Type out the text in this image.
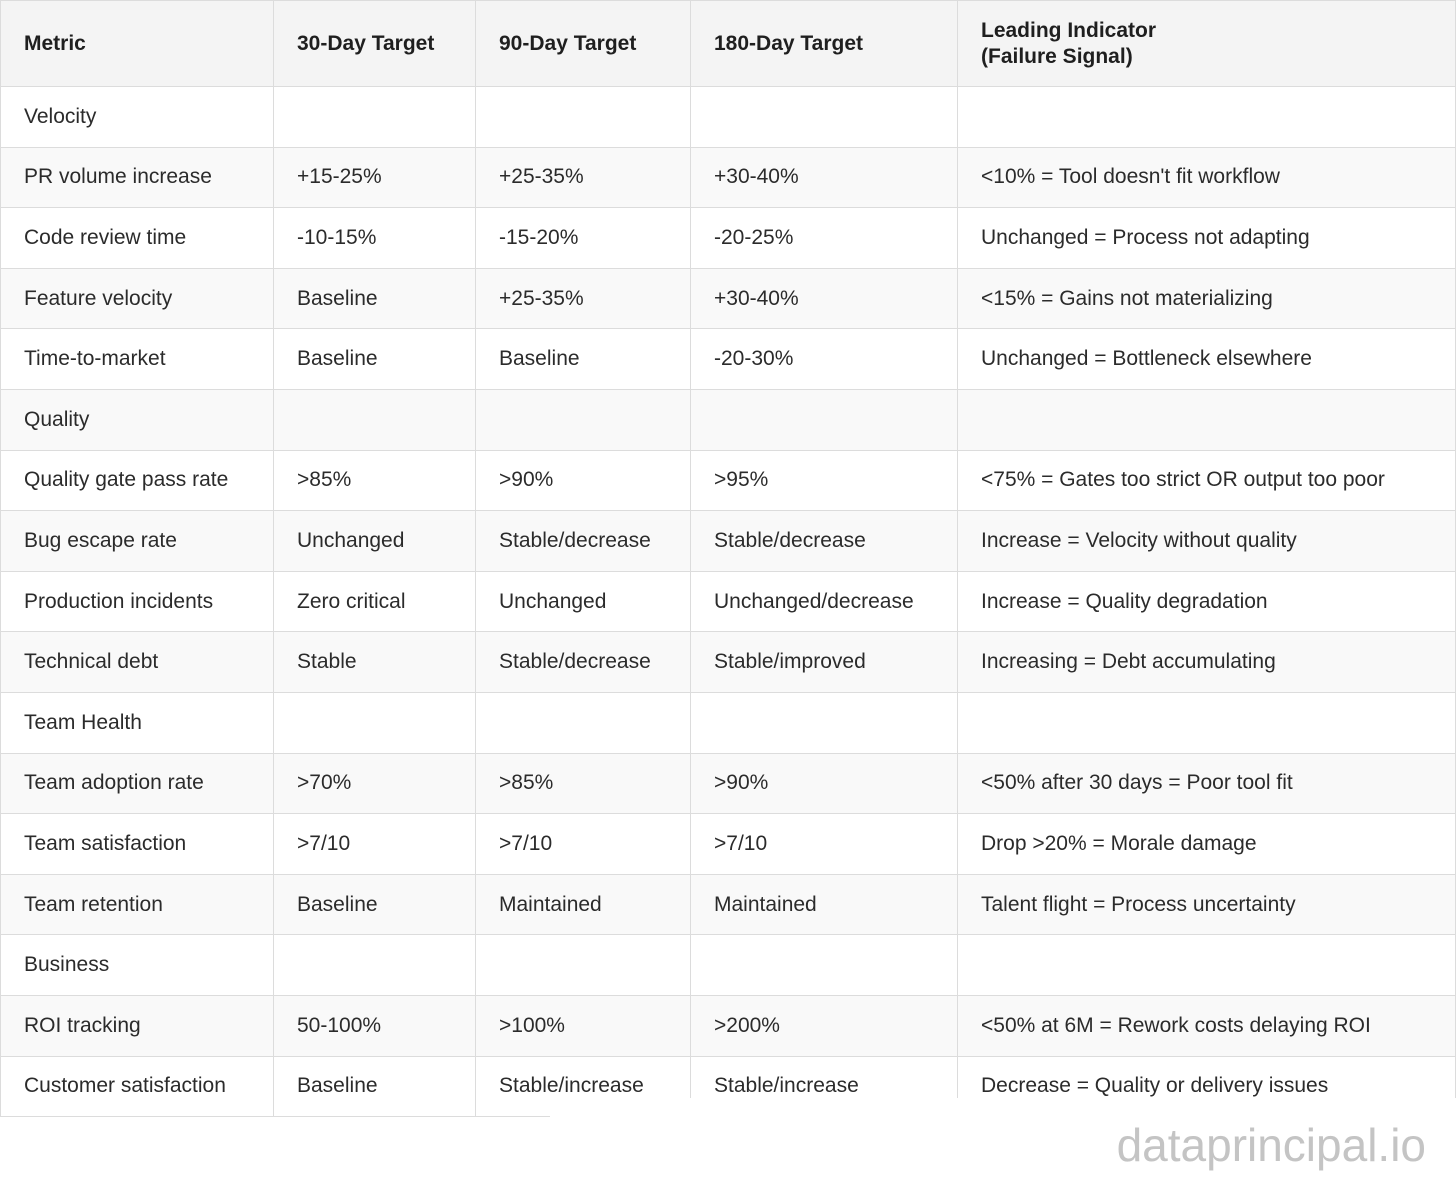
Metric	30-Day Target	90-Day Target	180-Day Target	Leading Indicator
(Failure Signal)

Velocity				
PR volume increase	+15-25%	+25-35%	+30-40%	<10% = Tool doesn't fit workflow
Code review time	-10-15%	-15-20%	-20-25%	Unchanged = Process not adapting
Feature velocity	Baseline	+25-35%	+30-40%	<15% = Gains not materializing
Time-to-market	Baseline	Baseline	-20-30%	Unchanged = Bottleneck elsewhere
Quality				
Quality gate pass rate	>85%	>90%	>95%	<75% = Gates too strict OR output too poor
Bug escape rate	Unchanged	Stable/decrease	Stable/decrease	Increase = Velocity without quality
Production incidents	Zero critical	Unchanged	Unchanged/decrease	Increase = Quality degradation
Technical debt	Stable	Stable/decrease	Stable/improved	Increasing = Debt accumulating
Team Health				
Team adoption rate	>70%	>85%	>90%	<50% after 30 days = Poor tool fit
Team satisfaction	>7/10	>7/10	>7/10	Drop >20% = Morale damage
Team retention	Baseline	Maintained	Maintained	Talent flight = Process uncertainty
Business				
ROI tracking	50-100%	>100%	>200%	<50% at 6M = Rework costs delaying ROI
Customer satisfaction	Baseline	Stable/increase	Stable/increase	Decrease = Quality or delivery issues
dataprincipal.io
